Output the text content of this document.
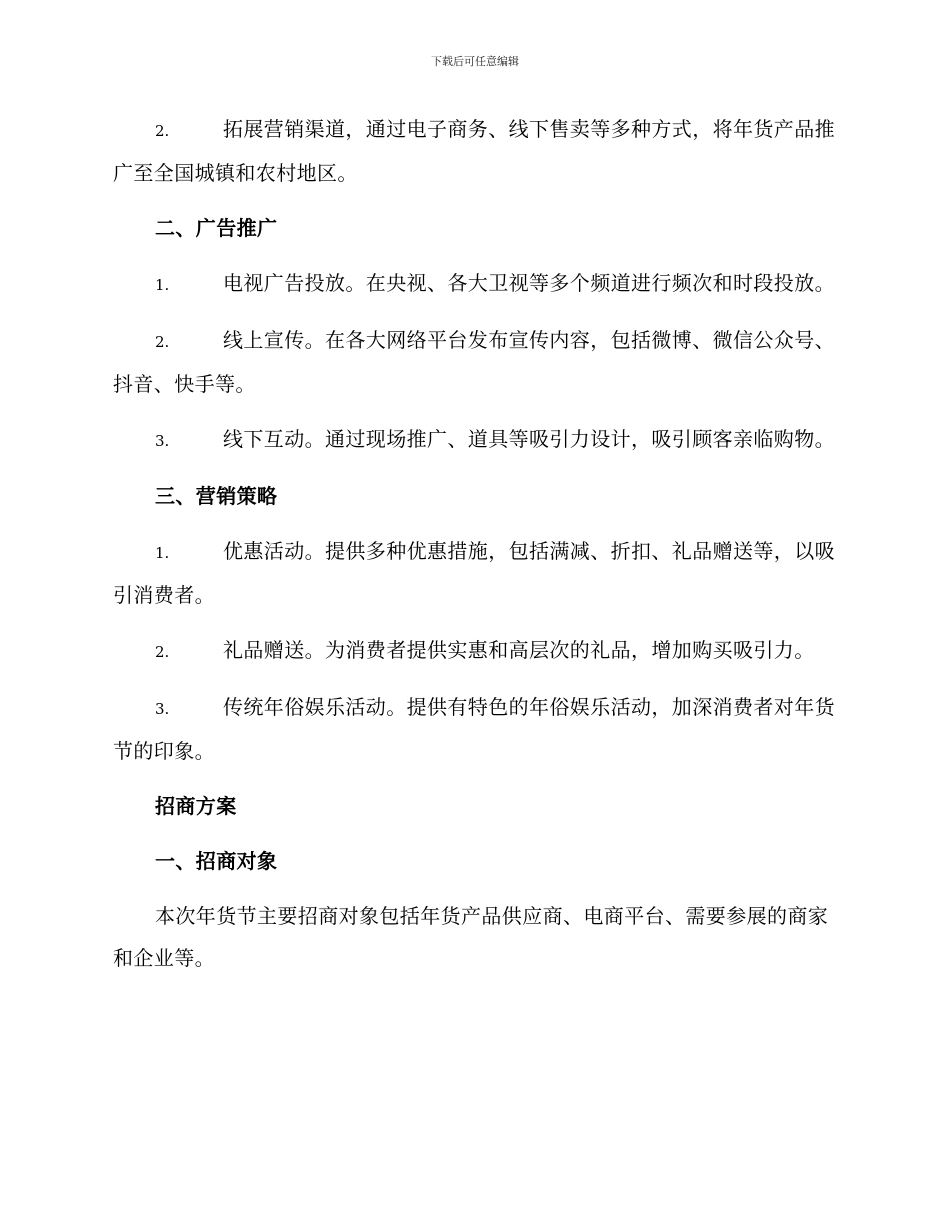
下载后可任意编辑

2.	拓展营销渠道，通过电子商务、线下售卖等多种方式，将年货产品推广至全国城镇和农村地区。

二、广告推广

1.	电视广告投放。在央视、各大卫视等多个频道进行频次和时段投放。

2.	线上宣传。在各大网络平台发布宣传内容，包括微博、微信公众号、抖音、快手等。

3.	线下互动。通过现场推广、道具等吸引力设计，吸引顾客亲临购物。

三、营销策略

1.	优惠活动。提供多种优惠措施，包括满减、折扣、礼品赠送等，以吸引消费者。

2.	礼品赠送。为消费者提供实惠和高层次的礼品，增加购买吸引力。

3.	传统年俗娱乐活动。提供有特色的年俗娱乐活动，加深消费者对年货节的印象。

招商方案

一、招商对象

本次年货节主要招商对象包括年货产品供应商、电商平台、需要参展的商家和企业等。
